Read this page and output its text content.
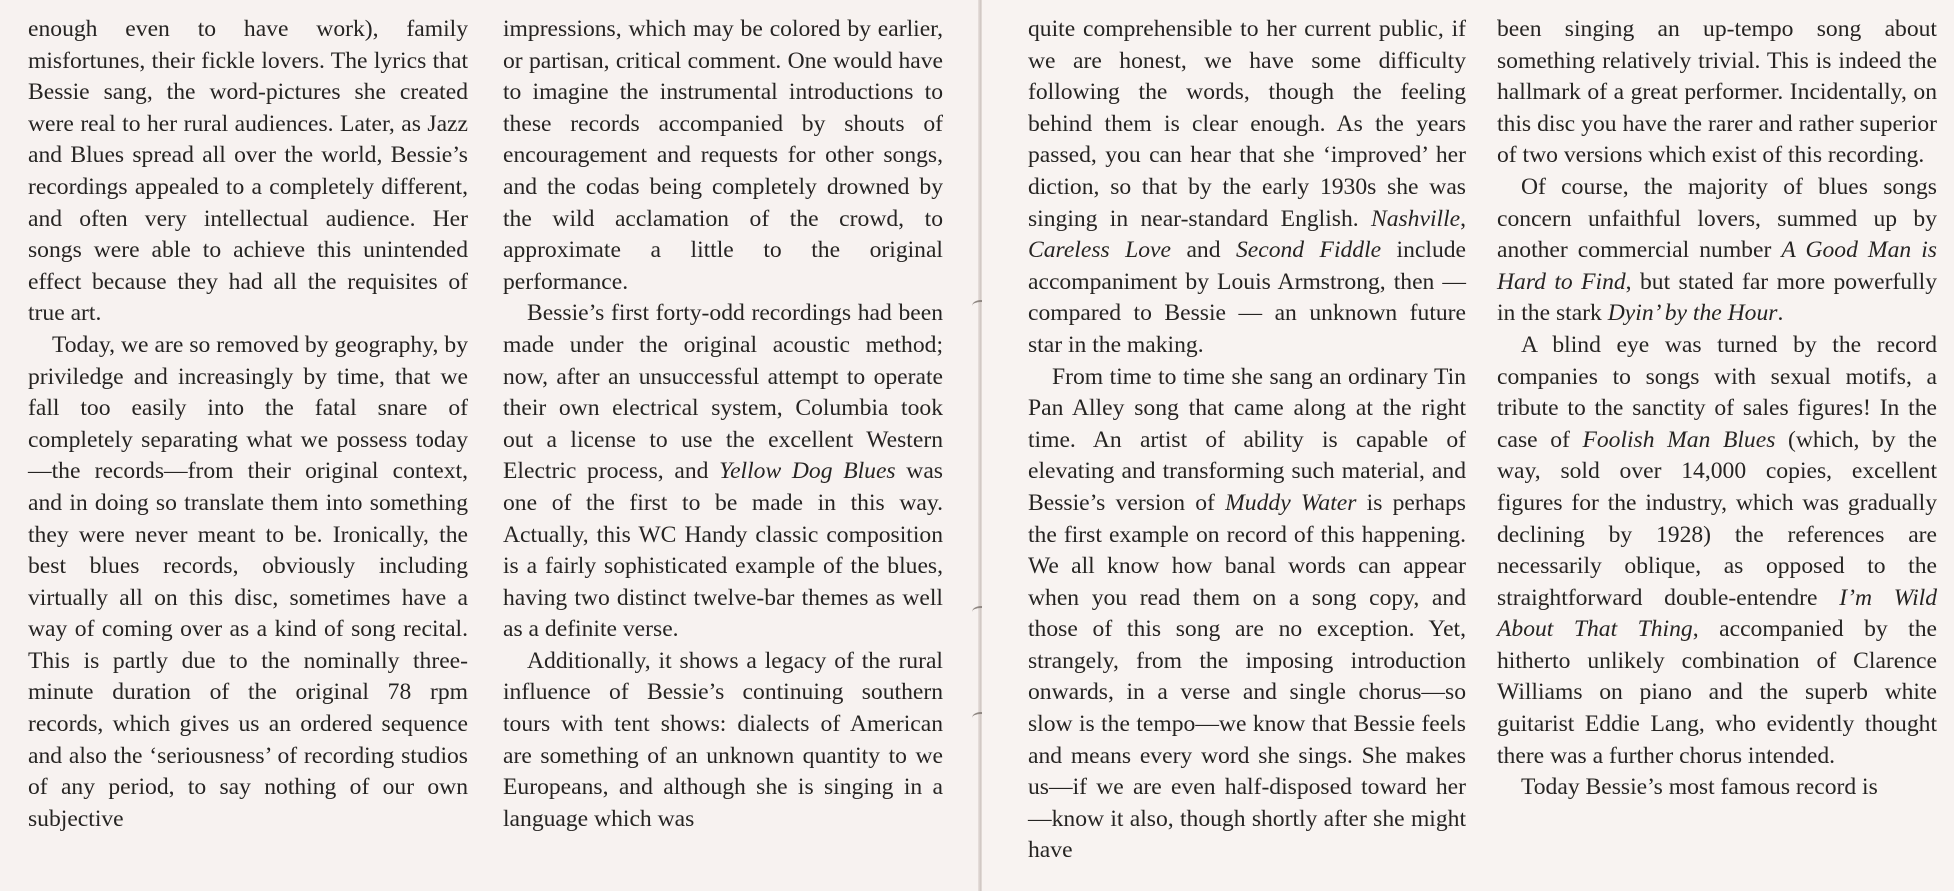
enough even to have work), family misfortunes, their fickle lovers. The lyrics that Bessie sang, the word-pictures she created were real to her rural audiences. Later, as Jazz and Blues spread all over the world, Bessie’s recordings appealed to a completely different, and often very intellectual audience. Her songs were able to achieve this unintended effect because they had all the requisites of true art.

Today, we are so removed by geography, by priviledge and increasingly by time, that we fall too easily into the fatal snare of completely separating what we possess today—the records—from their original context, and in doing so translate them into something they were never meant to be. Ironically, the best blues records, obviously including virtually all on this disc, sometimes have a way of coming over as a kind of song recital. This is partly due to the nominally three-minute duration of the original 78 rpm records, which gives us an ordered sequence and also the ‘seriousness’ of recording studios of any period, to say nothing of our own subjective

impressions, which may be colored by earlier, or partisan, critical comment. One would have to imagine the instrumental introductions to these records accompanied by shouts of encouragement and requests for other songs, and the codas being completely drowned by the wild acclamation of the crowd, to approximate a little to the original performance.

Bessie’s first forty-odd recordings had been made under the original acoustic method; now, after an unsuccessful attempt to operate their own electrical system, Columbia took out a license to use the excellent Western Electric process, and Yellow Dog Blues was one of the first to be made in this way. Actually, this WC Handy classic composition is a fairly sophisticated example of the blues, having two distinct twelve-bar themes as well as a definite verse.

Additionally, it shows a legacy of the rural influence of Bessie’s continuing southern tours with tent shows: dialects of American are something of an unknown quantity to we Europeans, and although she is singing in a language which was

quite comprehensible to her current public, if we are honest, we have some difficulty following the words, though the feeling behind them is clear enough. As the years passed, you can hear that she ‘improved’ her diction, so that by the early 1930s she was singing in near-standard English. Nashville, Careless Love and Second Fiddle include accompaniment by Louis Armstrong, then — compared to Bessie — an unknown future star in the making.

From time to time she sang an ordinary Tin Pan Alley song that came along at the right time. An artist of ability is capable of elevating and transforming such material, and Bessie’s version of Muddy Water is perhaps the first example on record of this happening. We all know how banal words can appear when you read them on a song copy, and those of this song are no exception. Yet, strangely, from the imposing introduction onwards, in a verse and single chorus—so slow is the tempo—we know that Bessie feels and means every word she sings. She makes us—if we are even half-disposed toward her—know it also, though shortly after she might have

been singing an up-tempo song about something relatively trivial. This is indeed the hallmark of a great performer. Incidentally, on this disc you have the rarer and rather superior of two versions which exist of this recording.

Of course, the majority of blues songs concern unfaithful lovers, summed up by another commercial number A Good Man is Hard to Find, but stated far more powerfully in the stark Dyin’ by the Hour.

A blind eye was turned by the record companies to songs with sexual motifs, a tribute to the sanctity of sales figures! In the case of Foolish Man Blues (which, by the way, sold over 14,000 copies, excellent figures for the industry, which was gradually declining by 1928) the references are necessarily oblique, as opposed to the straightforward double-entendre I’m Wild About That Thing, accompanied by the hitherto unlikely combination of Clarence Williams on piano and the superb white guitarist Eddie Lang, who evidently thought there was a further chorus intended.

Today Bessie’s most famous record is
